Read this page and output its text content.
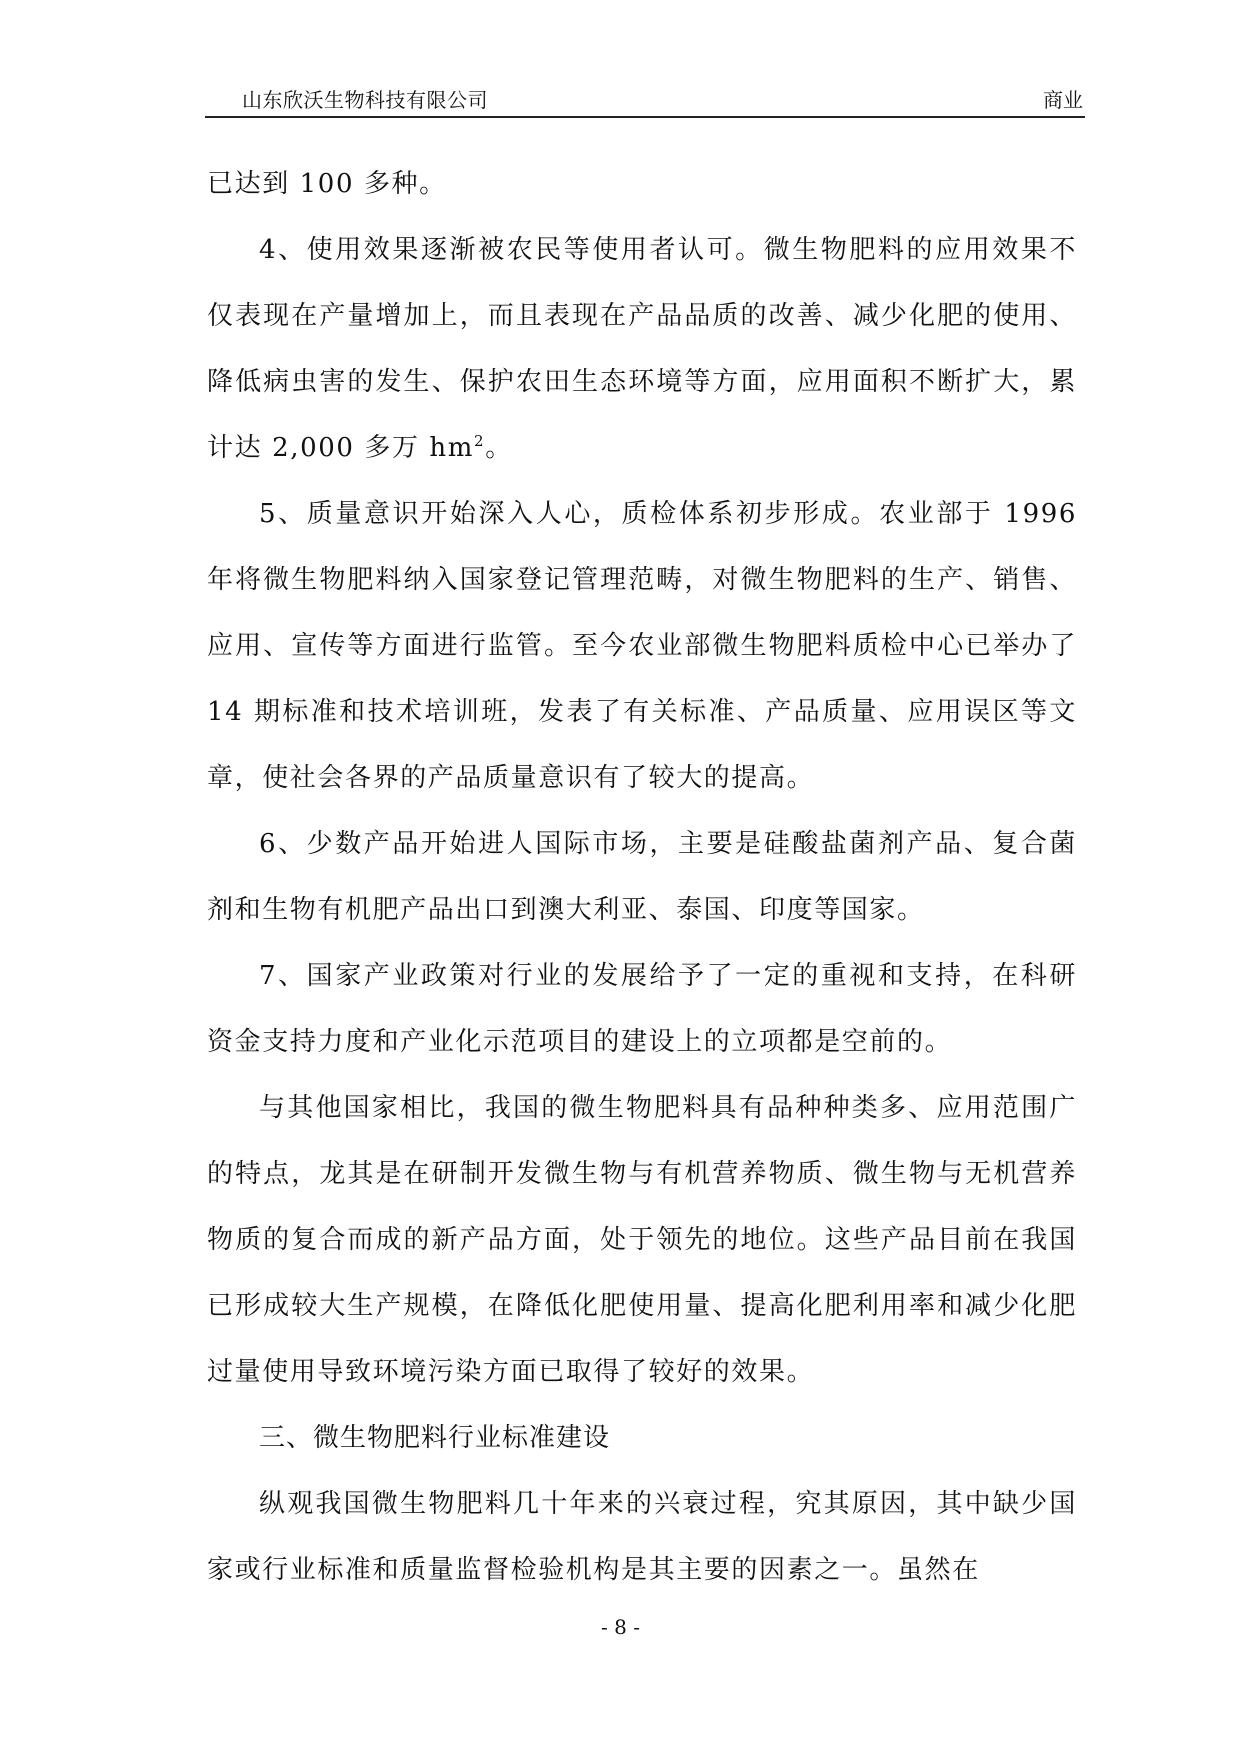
山东欣沃生物科技有限公司	商业

已达到 100 多种。

4、使用效果逐渐被农民等使用者认可。微生物肥料的应用效果不仅表现在产量增加上，而且表现在产品品质的改善、减少化肥的使用、降低病虫害的发生、保护农田生态环境等方面，应用面积不断扩大，累计达 2,000 多万 $hm^2$。

5、质量意识开始深入人心，质检体系初步形成。农业部于 1996 年将微生物肥料纳入国家登记管理范畴，对微生物肥料的生产、销售、应用、宣传等方面进行监管。至今农业部微生物肥料质检中心已举办了 14 期标准和技术培训班，发表了有关标准、产品质量、应用误区等文章，使社会各界的产品质量意识有了较大的提高。

6、少数产品开始进人国际市场，主要是硅酸盐菌剂产品、复合菌剂和生物有机肥产品出口到澳大利亚、泰国、印度等国家。

7、国家产业政策对行业的发展给予了一定的重视和支持，在科研资金支持力度和产业化示范项目的建设上的立项都是空前的。

与其他国家相比，我国的微生物肥料具有品种种类多、应用范围广的特点，龙其是在研制开发微生物与有机营养物质、微生物与无机营养物质的复合而成的新产品方面，处于领先的地位。这些产品目前在我国已形成较大生产规模，在降低化肥使用量、提高化肥利用率和减少化肥过量使用导致环境污染方面已取得了较好的效果。

三、微生物肥料行业标准建设

纵观我国微生物肥料几十年来的兴衰过程，究其原因，其中缺少国家或行业标准和质量监督检验机构是其主要的因素之一。虽然在

- 8 -
